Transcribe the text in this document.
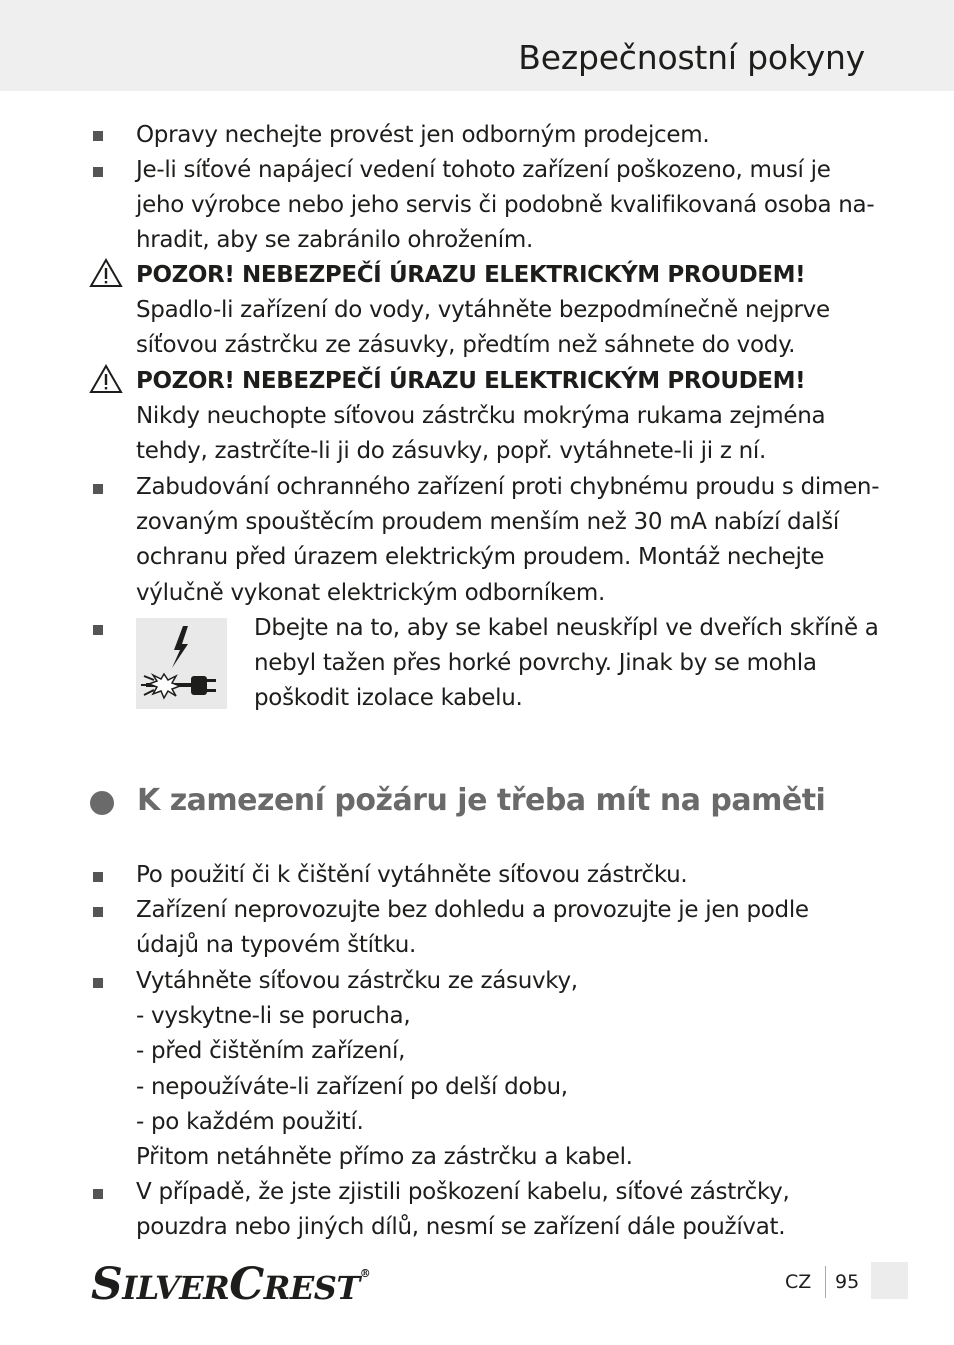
Bezpečnostní pokyny
Opravy nechejte provést jen odborným prodejcem.
Je-li síťové napájecí vedení tohoto zařízení poškozeno, musí je
jeho výrobce nebo jeho servis či podobně kvalifikovaná osoba na-
hradit, aby se zabránilo ohrožením.
POZOR! NEBEZPEČÍ ÚRAZU ELEKTRICKÝM PROUDEM!
Spadlo-li zařízení do vody, vytáhněte bezpodmínečně nejprve
síťovou zástrčku ze zásuvky, předtím než sáhnete do vody.
POZOR! NEBEZPEČÍ ÚRAZU ELEKTRICKÝM PROUDEM!
Nikdy neuchopte síťovou zástrčku mokrýma rukama zejména
tehdy, zastrčíte-li ji do zásuvky, popř. vytáhnete-li ji z ní.
Zabudování ochranného zařízení proti chybnému proudu s dimen-
zovaným spouštěcím proudem menším než 30 mA nabízí další
ochranu před úrazem elektrickým proudem. Montáž nechejte
výlučně vykonat elektrickým odborníkem.
Dbejte na to, aby se kabel neuskřípl ve dveřích skříně a
nebyl tažen přes horké povrchy. Jinak by se mohla
poškodit izolace kabelu.
K zamezení požáru je třeba mít na paměti
Po použití či k čištění vytáhněte síťovou zástrčku.
Zařízení neprovozujte bez dohledu a provozujte je jen podle
údajů na typovém štítku.
Vytáhněte síťovou zástrčku ze zásuvky,
- vyskytne-li se porucha,
- před čištěním zařízení,
- nepoužíváte-li zařízení po delší dobu,
- po každém použití.
Přitom netáhněte přímo za zástrčku a kabel.
V případě, že jste zjistili poškození kabelu, síťové zástrčky,
pouzdra nebo jiných dílů, nesmí se zařízení dále používat.
SILVERCREST®	CZ 95
